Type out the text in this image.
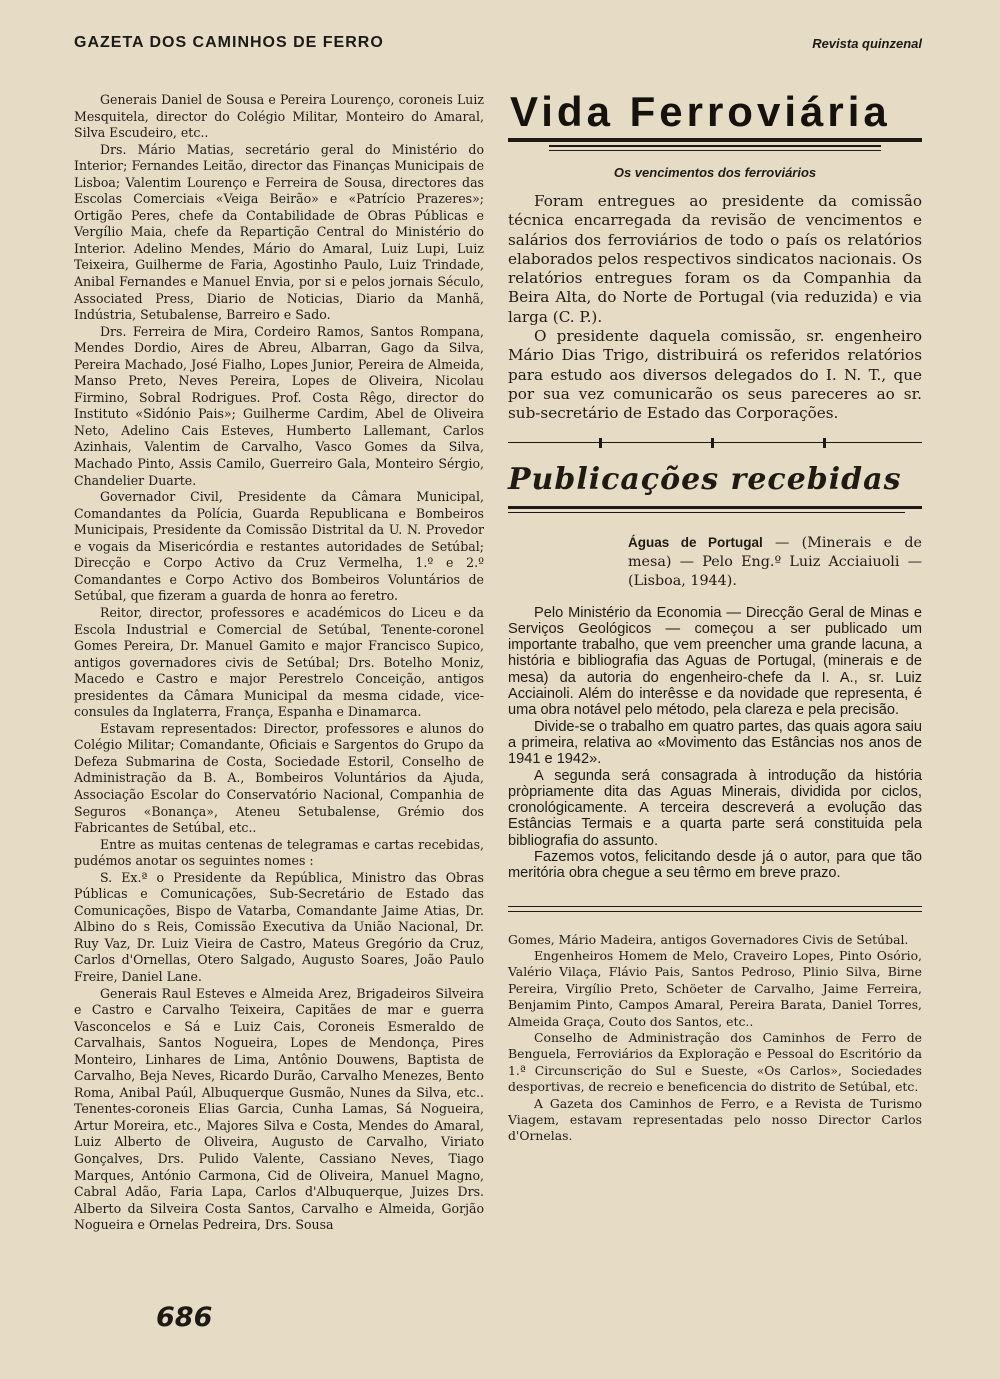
GAZETA DOS CAMINHOS DE FERRO	Revista quinzenal

Generais Daniel de Sousa e Pereira Lourenço, coroneis Luiz Mesquitela, director do Colégio Militar, Monteiro do Amaral, Silva Escudeiro, etc..

Drs. Mário Matias, secretário geral do Ministério do Interior; Fernandes Leitão, director das Finanças Municipais de Lisboa; Valentim Lourenço e Ferreira de Sousa, directores das Escolas Comerciais «Veiga Beirão» e «Patrício Prazeres»; Ortigão Peres, chefe da Contabilidade de Obras Públicas e Vergílio Maia, chefe da Repartição Central do Ministério do Interior. Adelino Mendes, Mário do Amaral, Luiz Lupi, Luiz Teixeira, Guilherme de Faria, Agostinho Paulo, Luiz Trindade, Anibal Fernandes e Manuel Envia, por si e pelos jornais Século, Associated Press, Diario de Noticias, Diario da Manhã, Indústria, Setubalense, Barreiro e Sado.

Drs. Ferreira de Mira, Cordeiro Ramos, Santos Rompana, Mendes Dordio, Aires de Abreu, Albarran, Gago da Silva, Pereira Machado, José Fialho, Lopes Junior, Pereira de Almeida, Manso Preto, Neves Pereira, Lopes de Oliveira, Nicolau Firmino, Sobral Rodrigues. Prof. Costa Rêgo, director do Instituto «Sidónio Pais»; Guilherme Cardim, Abel de Oliveira Neto, Adelino Cais Esteves, Humberto Lallemant, Carlos Azinhais, Valentim de Carvalho, Vasco Gomes da Silva, Machado Pinto, Assis Camilo, Guerreiro Gala, Monteiro Sérgio, Chandelier Duarte.

Governador Civil, Presidente da Câmara Municipal, Comandantes da Polícia, Guarda Republicana e Bombeiros Municipais, Presidente da Comissão Distrital da U. N. Provedor e vogais da Misericórdia e restantes autoridades de Setúbal; Direcção e Corpo Activo da Cruz Vermelha, 1.º e 2.º Comandantes e Corpo Activo dos Bombeiros Voluntários de Setúbal, que fizeram a guarda de honra ao feretro.

Reitor, director, professores e académicos do Liceu e da Escola Industrial e Comercial de Setúbal, Tenente-coronel Gomes Pereira, Dr. Manuel Gamito e major Francisco Supico, antigos governadores civis de Setúbal; Drs. Botelho Moniz, Macedo e Castro e major Perestrelo Conceição, antigos presidentes da Câmara Municipal da mesma cidade, vice-consules da Inglaterra, França, Espanha e Dinamarca.

Estavam representados: Director, professores e alunos do Colégio Militar; Comandante, Oficiais e Sargentos do Grupo da Defeza Submarina de Costa, Sociedade Estoril, Conselho de Administração da B. A., Bombeiros Voluntários da Ajuda, Associação Escolar do Conservatório Nacional, Companhia de Seguros «Bonança», Ateneu Setubalense, Grémio dos Fabricantes de Setúbal, etc..

Entre as muitas centenas de telegramas e cartas recebidas, pudémos anotar os seguintes nomes :

S. Ex.ª o Presidente da República, Ministro das Obras Públicas e Comunicações, Sub-Secretário de Estado das Comunicações, Bispo de Vatarba, Comandante Jaime Atias, Dr. Albino do s Reis, Comissão Executiva da União Nacional, Dr. Ruy Vaz, Dr. Luiz Vieira de Castro, Mateus Gregório da Cruz, Carlos d'Ornellas, Otero Salgado, Augusto Soares, João Paulo Freire, Daniel Lane.

Generais Raul Esteves e Almeida Arez, Brigadeiros Silveira e Castro e Carvalho Teixeira, Capitães de mar e guerra Vasconcelos e Sá e Luiz Cais, Coroneis Esmeraldo de Carvalhais, Santos Nogueira, Lopes de Mendonça, Pires Monteiro, Linhares de Lima, Antônio Douwens, Baptista de Carvalho, Beja Neves, Ricardo Durão, Carvalho Menezes, Bento Roma, Anibal Paúl, Albuquerque Gusmão, Nunes da Silva, etc.. Tenentes-coroneis Elias Garcia, Cunha Lamas, Sá Nogueira, Artur Moreira, etc., Majores Silva e Costa, Mendes do Amaral, Luiz Alberto de Oliveira, Augusto de Carvalho, Viriato Gonçalves, Drs. Pulido Valente, Cassiano Neves, Tiago Marques, António Carmona, Cid de Oliveira, Manuel Magno, Cabral Adão, Faria Lapa, Carlos d'Albuquerque, Juizes Drs. Alberto da Silveira Costa Santos, Carvalho e Almeida, Gorjão Nogueira e Ornelas Pedreira, Drs. Sousa

Vida Ferroviária
Os vencimentos dos ferroviários

Foram entregues ao presidente da comissão técnica encarregada da revisão de vencimentos e salários dos ferroviários de todo o país os relatórios elaborados pelos respectivos sindicatos nacionais. Os relatórios entregues foram os da Companhia da Beira Alta, do Norte de Portugal (via reduzida) e via larga (C. P.).

O presidente daquela comissão, sr. engenheiro Mário Dias Trigo, distribuirá os referidos relatórios para estudo aos diversos delegados do I. N. T., que por sua vez comunicarão os seus pareceres ao sr. sub-secretário de Estado das Corporações.

Publicações recebidas
Águas de Portugal — (Minerais e de mesa) — Pelo Eng.º Luiz Acciaiuoli — (Lisboa, 1944).

Pelo Ministério da Economia — Direcção Geral de Minas e Serviços Geológicos — começou a ser publicado um importante trabalho, que vem preencher uma grande lacuna, a história e bibliografia das Aguas de Portugal, (minerais e de mesa) da autoria do engenheiro-chefe da I. A., sr. Luiz Acciainoli. Além do interêsse e da novidade que representa, é uma obra notável pelo método, pela clareza e pela precisão.

Divide-se o trabalho em quatro partes, das quais agora saiu a primeira, relativa ao «Movimento das Estâncias nos anos de 1941 e 1942».

A segunda será consagrada à introdução da história pròpriamente dita das Aguas Minerais, dividida por ciclos, cronológicamente. A terceira descreverá a evolução das Estâncias Termais e a quarta parte será constituida pela bibliografia do assunto.

Fazemos votos, felicitando desde já o autor, para que tão meritória obra chegue a seu têrmo em breve prazo.

Gomes, Mário Madeira, antigos Governadores Civis de Setúbal.

Engenheiros Homem de Melo, Craveiro Lopes, Pinto Osório, Valério Vilaça, Flávio Pais, Santos Pedroso, Plinio Silva, Birne Pereira, Virgílio Preto, Schöeter de Carvalho, Jaime Ferreira, Benjamim Pinto, Campos Amaral, Pereira Barata, Daniel Torres, Almeida Graça, Couto dos Santos, etc..

Conselho de Administração dos Caminhos de Ferro de Benguela, Ferroviários da Exploração e Pessoal do Escritório da 1.ª Circunscrição do Sul e Sueste, «Os Carlos», Sociedades desportivas, de recreio e beneficencia do distrito de Setúbal, etc.

A Gazeta dos Caminhos de Ferro, e a Revista de Turismo Viagem, estavam representadas pelo nosso Director Carlos d'Ornelas.

686
